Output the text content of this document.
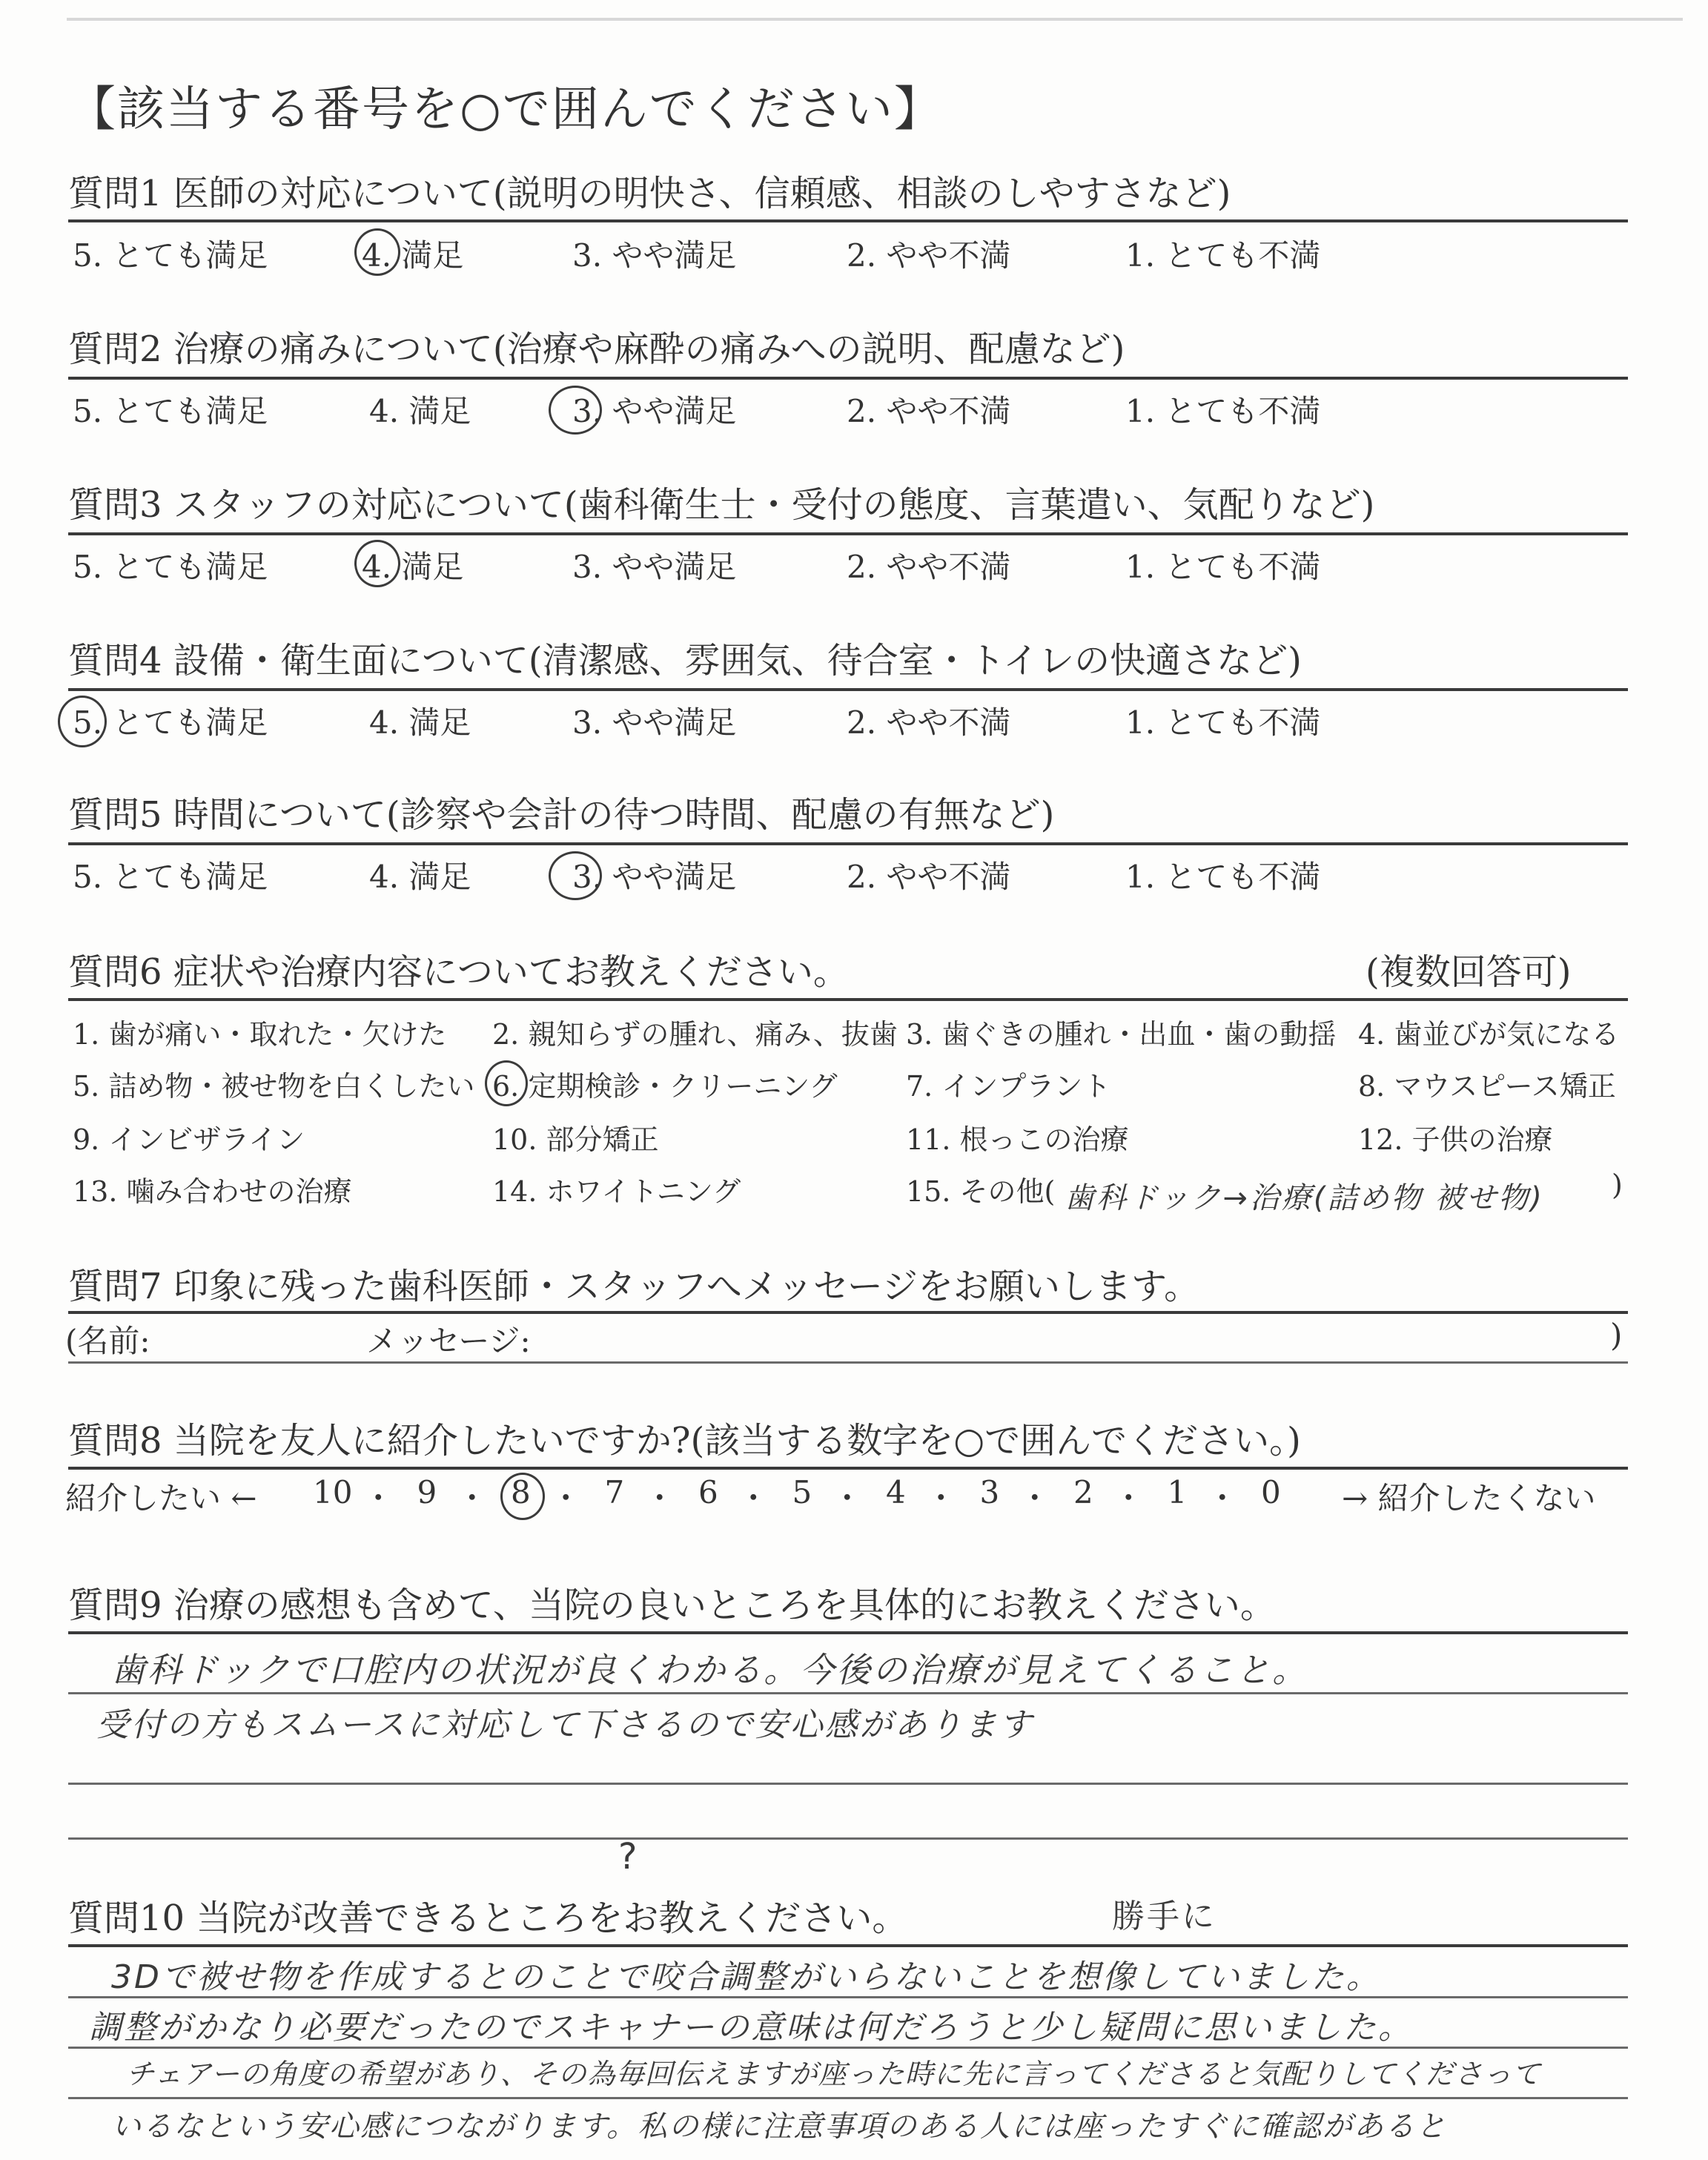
【該当する番号を○で囲んでください】
質問1 医師の対応について(説明の明快さ、信頼感、相談のしやすさなど)
5. とても満足	4. 満足	3. やや満足	2. やや不満	1. とても不満
質問2 治療の痛みについて(治療や麻酔の痛みへの説明、配慮など)
5. とても満足	4. 満足	3. やや満足	2. やや不満	1. とても不満
質問3 スタッフの対応について(歯科衛生士・受付の態度、言葉遣い、気配りなど)
5. とても満足	4. 満足	3. やや満足	2. やや不満	1. とても不満
質問4 設備・衛生面について(清潔感、雰囲気、待合室・トイレの快適さなど)
5. とても満足	4. 満足	3. やや満足	2. やや不満	1. とても不満
質問5 時間について(診察や会計の待つ時間、配慮の有無など)
5. とても満足	4. 満足	3. やや満足	2. やや不満	1. とても不満
質問6 症状や治療内容についてお教えください。	(複数回答可)
1. 歯が痛い・取れた・欠けた 2. 親知らずの腫れ、痛み、抜歯 3. 歯ぐきの腫れ・出血・歯の動揺 4. 歯並びが気になる
5. 詰め物・被せ物を白くしたい 6. 定期検診・クリーニング 7. インプラント	8. マウスピース矯正
9. インビザライン	10. 部分矯正	11. 根っこの治療	12. 子供の治療
13. 噛み合わせの治療	14. ホワイトニング	15. その他( 歯科ドック→治療(詰め物 被せ物) )
質問7 印象に残った歯科医師・スタッフへメッセージをお願いします。
(名前:	メッセージ:	)
質問8 当院を友人に紹介したいですか?(該当する数字を○で囲んでください。)
紹介したい ←	→ 紹介したくない
10 ・ 9 ・ 8 ・ 7 ・ 6 ・ 5 ・ 4 ・ 3 ・ 2 ・ 1 ・ 0
質問9 治療の感想も含めて、当院の良いところを具体的にお教えください。
歯科ドックで口腔内の状況が良くわかる。今後の治療が見えてくること。
受付の方もスムースに対応して下さるので安心感があります
?
勝手に
質問10 当院が改善できるところをお教えください。
3Dで被せ物を作成するとのことで咬合調整がいらないことを想像していました。
調整がかなり必要だったのでスキャナーの意味は何だろうと少し疑問に思いました。
チェアーの角度の希望があり、その為毎回伝えますが座った時に先に言ってくださると気配りしてくださって
いるなという安心感につながります。私の様に注意事項のある人には座ったすぐに確認があると
